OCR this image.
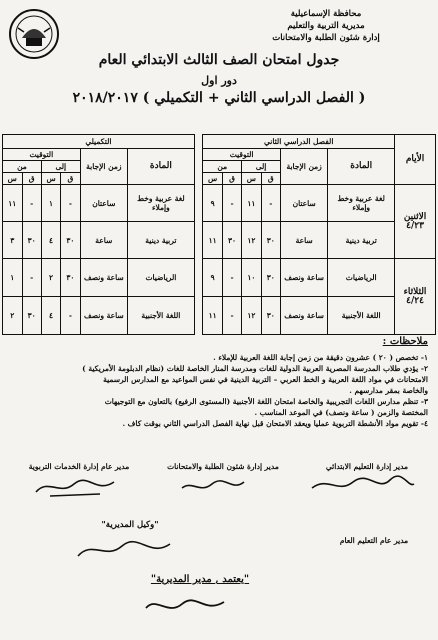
محافظة الإسماعيلية
مديرية التربية والتعليم
إدارة شئون الطلبة والامتحانات
جدول امتحان الصف الثالث الابتدائي العام
دور اول
( الفصل الدراسي الثاني + التكميلي ) ٢٠١٨/٢٠١٧
الأيام	الفصل الدراسي الثاني							التكميلي					
	المادة	زمن الإجابة	التوقيت					المادة	زمن الإجابة	التوقيت			
			إلى		من					إلى		من	
			ق	س	ق	س				ق	س	ق	س

الاثنين
٤/٢٣	لغة عربية وخط وإملاء	ساعتان	-	١١	-	٩		لغة عربية وخط وإملاء	ساعتان	-	١	-	١١
	تربية دينية	ساعة	٣٠	١٢	٣٠	١١		تربية دينية	ساعة	٣٠	٤	٣٠	٣

الثلاثاء
٤/٢٤	الرياضيات	ساعة ونصف	٣٠	١٠	-	٩		الرياضيات	ساعة ونصف	٣٠	٢	-	١
	اللغة الأجنبية	ساعة ونصف	٣٠	١٢	-	١١		اللغة الأجنبية	ساعة ونصف	-	٤	٣٠	٢
ملاحظات :
١- تخصص ( ٢٠ ) عشرون دقيقة من زمن إجابة اللغة العربية للإملاء .
٢- يؤدي طلاب المدرسة المصرية العربية الدولية للغات ومدرسة المنار الخاصة للغات (نظام الدبلومة الأمريكية )
الامتحانات في مواد اللغة العربية و الخط العربي – التربية الدينية في نفس المواعيد مع المدارس الرسمية
والخاصة بمقر مدارسهم .
٣- تنظم مدارس اللغات التجريبية والخاصة امتحان اللغة الأجنبية (المستوى الرفيع) بالتعاون مع التوجيهات
المختصة والزمن ( ساعة ونصف) في الموعد المناسب .
٤- تقويم مواد الأنشطة التربوية عمليا ويعقد الامتحان قبل نهاية الفصل الدراسي الثاني بوقت كاف .
مدير إدارة التعليم الابتدائي
مدير إدارة شئون الطلبة والامتحانات
مدير عام إدارة الخدمات التربوية
مدير عام التعليم العام
"وكيل المديرية"
"يعتمد , مدير المديرية"
